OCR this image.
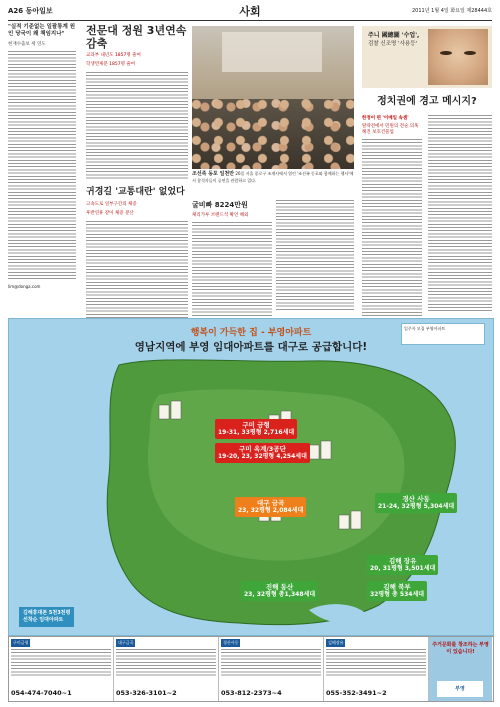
A26 동아일보	사회	2011년 1월 4일 화요일 제28444호
"실적 기준없는 일괄통계 원인 당국이 왜 책임지나"
현재수출보 세 연도
lim@donga.com
전문대 정원 3년연속 감축
교과부 내년도 1857명 줄여
학생면제분 1857명 줄여
귀경길 '교통대란' 없었다
고속도로 일부구간의 체증
후반연휴 같이 체증 분산
조선족 동포 일천만 26일 서울 종로구 조계사에서 열린 '조선족 동포와 함께하는 행사'에서 참석자들이 공연을 관람하고 있다.
굴비빠 8224만원
체리가루 브랜드석 확인 해외
주니 國總圖 '수업',
검찰 신조명 '사용등'
정치권에 경고 메시지?
한정어 편 '이메일 속셈'
탈락전에서 민원의 전술 의혹해진 보호건물업
행복이 가득한 집 - 부영아파트
영남지역에 부영 임대아파트를 대구로 공급합니다!
입주자 모집 부영아파트
구미 금형
19-31, 33평형 2,716세대
구미 옥계/3공단
19-20, 23, 32평형 4,254세대
대구 금곡
23, 32평형 2,084세대
경산 사동
21-24, 32평형 5,304세대
진해 동산
23, 32평형 총1,348세대
김해 장유
20, 31평형 3,501세대
김해 북부
32평형 총 534세대
김해휴대폰 5천3천평
선착순 임대아파트
구미금형
054-474-7040~1
대구금곡
053-326-3101~2
경산사동
053-812-2373~4
김해장유
055-352-3491~2
주거문화를 창조하는 부영이 있습니다!
부영
